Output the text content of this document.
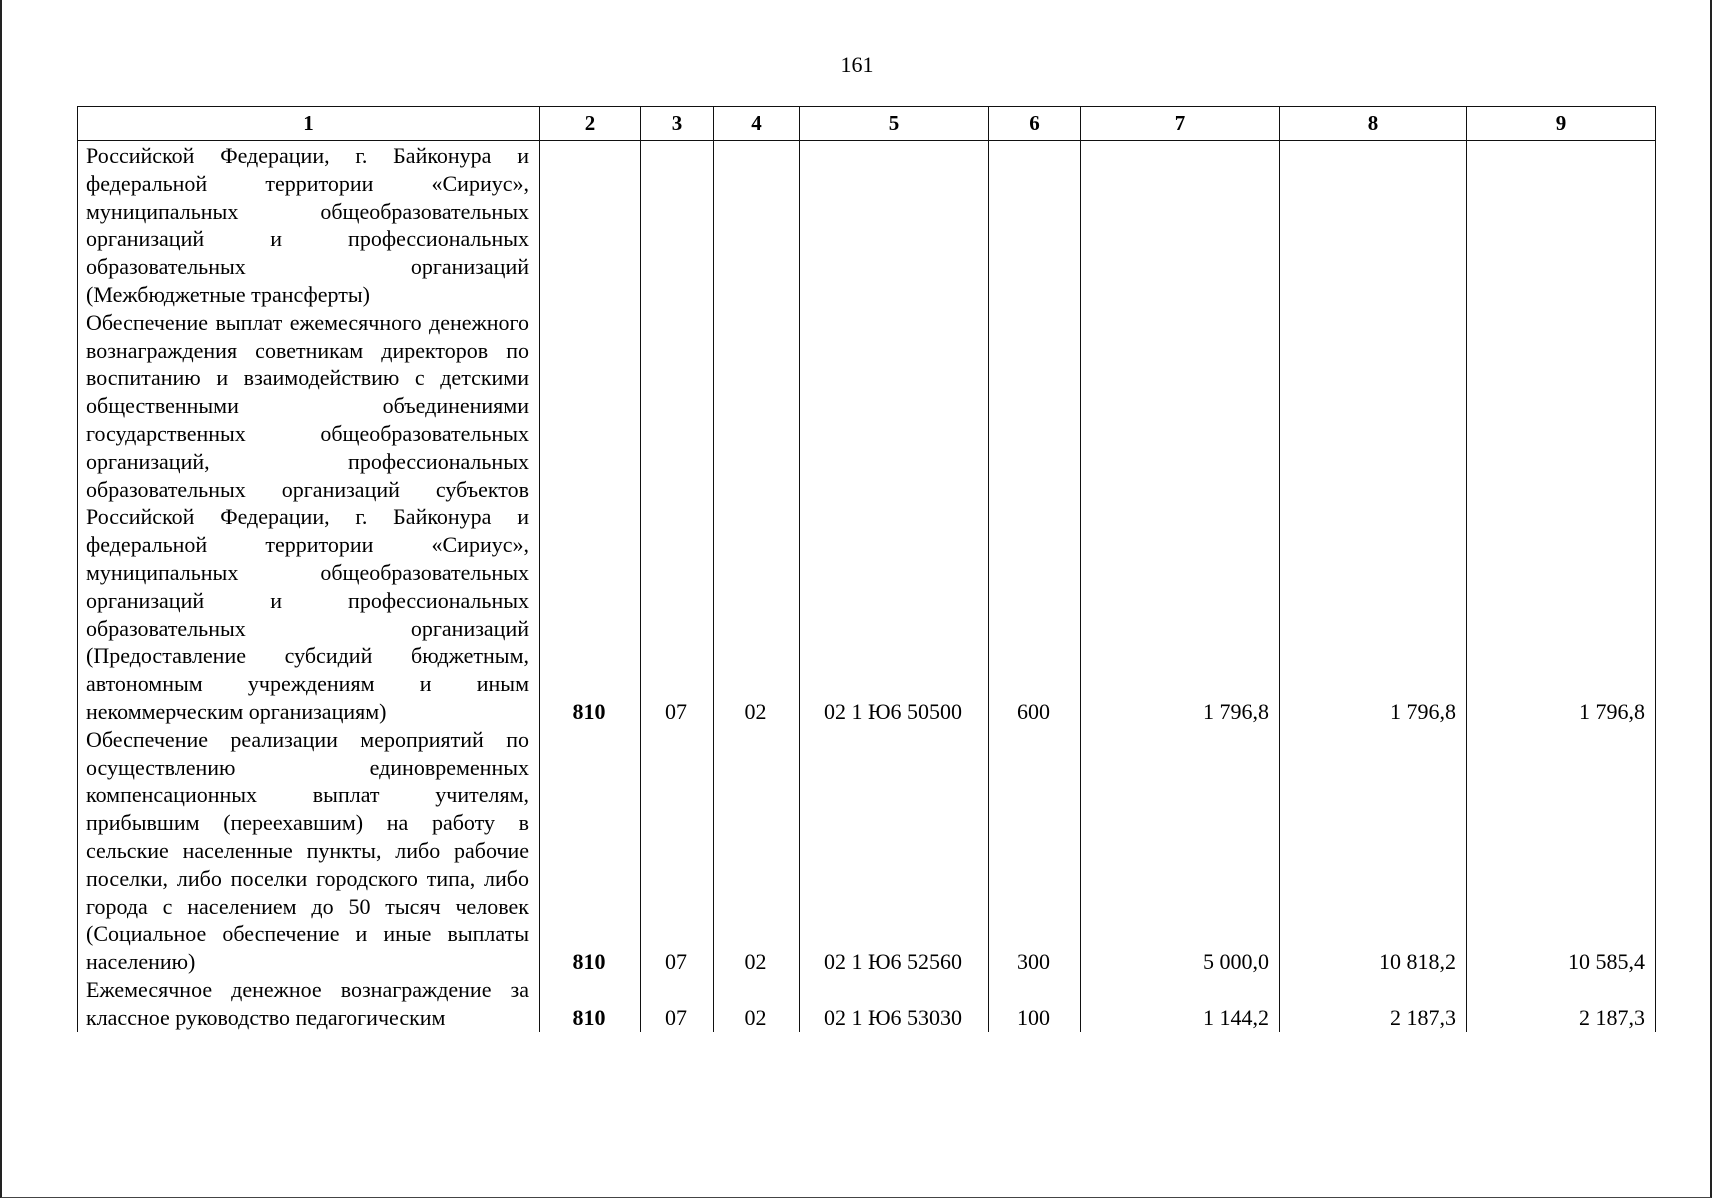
161
1	2	3	4	5	6	7	8	9
Российской Федерации, г. Байконура и федеральной территории «Сириус», муниципальных общеобразовательных организаций и профессиональных образовательных организаций (Межбюджетные трансферты)								
Обеспечение выплат ежемесячного денежного вознаграждения советникам директоров по воспитанию и взаимодействию с детскими общественными объединениями государственных общеобразовательных организаций, профессиональных образовательных организаций субъектов Российской Федерации, г. Байконура и федеральной территории «Сириус», муниципальных общеобразовательных организаций и профессиональных образовательных организаций (Предоставление субсидий бюджетным, автономным учреждениям и иным некоммерческим организациям)	810	07	02	02 1 Ю6 50500	600	1 796,8	1 796,8	1 796,8
Обеспечение реализации мероприятий по осуществлению единовременных компенсационных выплат учителям, прибывшим (переехавшим) на работу в сельские населенные пункты, либо рабочие поселки, либо поселки городского типа, либо города с населением до 50 тысяч человек (Социальное обеспечение и иные выплаты населению)	810	07	02	02 1 Ю6 52560	300	5 000,0	10 818,2	10 585,4
Ежемесячное денежное вознаграждение за классное руководство педагогическим	810	07	02	02 1 Ю6 53030	100	1 144,2	2 187,3	2 187,3
